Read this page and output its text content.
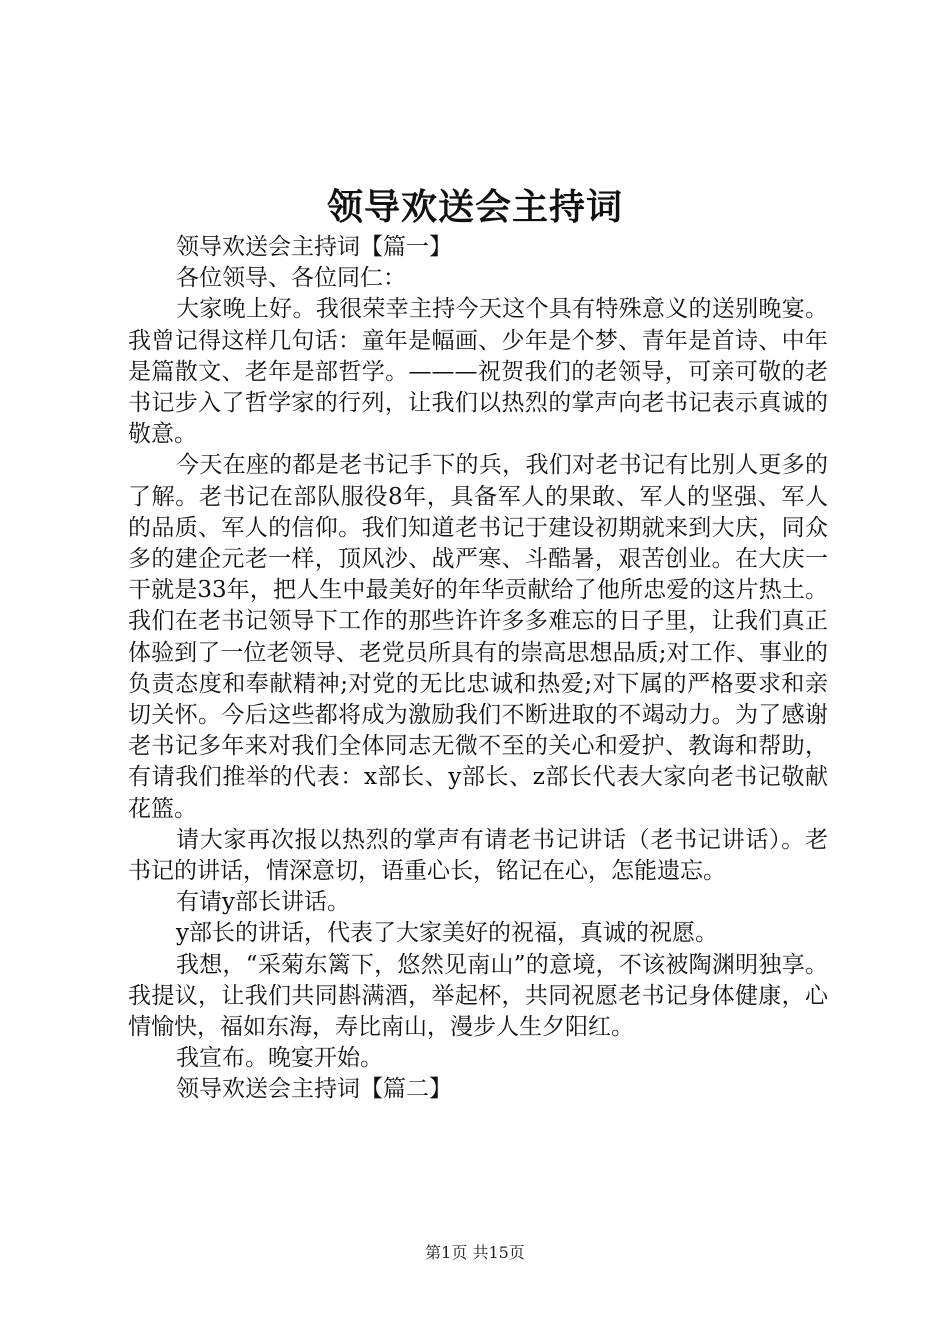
领导欢送会主持词

领导欢送会主持词【篇一】

各位领导、各位同仁：

大家晚上好。我很荣幸主持今天这个具有特殊意义的送别晚宴。我曾记得这样几句话：童年是幅画、少年是个梦、青年是首诗、中年是篇散文、老年是部哲学。———祝贺我们的老领导，可亲可敬的老书记步入了哲学家的行列，让我们以热烈的掌声向老书记表示真诚的敬意。

今天在座的都是老书记手下的兵，我们对老书记有比别人更多的了解。老书记在部队服役8年，具备军人的果敢、军人的坚强、军人的品质、军人的信仰。我们知道老书记于建设初期就来到大庆，同众多的建企元老一样，顶风沙、战严寒、斗酷暑，艰苦创业。在大庆一干就是33年，把人生中最美好的年华贡献给了他所忠爱的这片热土。我们在老书记领导下工作的那些许许多多难忘的日子里，让我们真正体验到了一位老领导、老党员所具有的崇高思想品质;对工作、事业的负责态度和奉献精神;对党的无比忠诚和热爱;对下属的严格要求和亲切关怀。今后这些都将成为激励我们不断进取的不竭动力。为了感谢老书记多年来对我们全体同志无微不至的关心和爱护、教诲和帮助，有请我们推举的代表：x部长、y部长、z部长代表大家向老书记敬献花篮。

请大家再次报以热烈的掌声有请老书记讲话（老书记讲话）。老书记的讲话，情深意切，语重心长，铭记在心，怎能遗忘。

有请y部长讲话。

y部长的讲话，代表了大家美好的祝福，真诚的祝愿。

我想，“采菊东篱下，悠然见南山”的意境，不该被陶渊明独享。我提议，让我们共同斟满酒，举起杯，共同祝愿老书记身体健康，心情愉快，福如东海，寿比南山，漫步人生夕阳红。

我宣布。晚宴开始。

领导欢送会主持词【篇二】

第1页 共15页
